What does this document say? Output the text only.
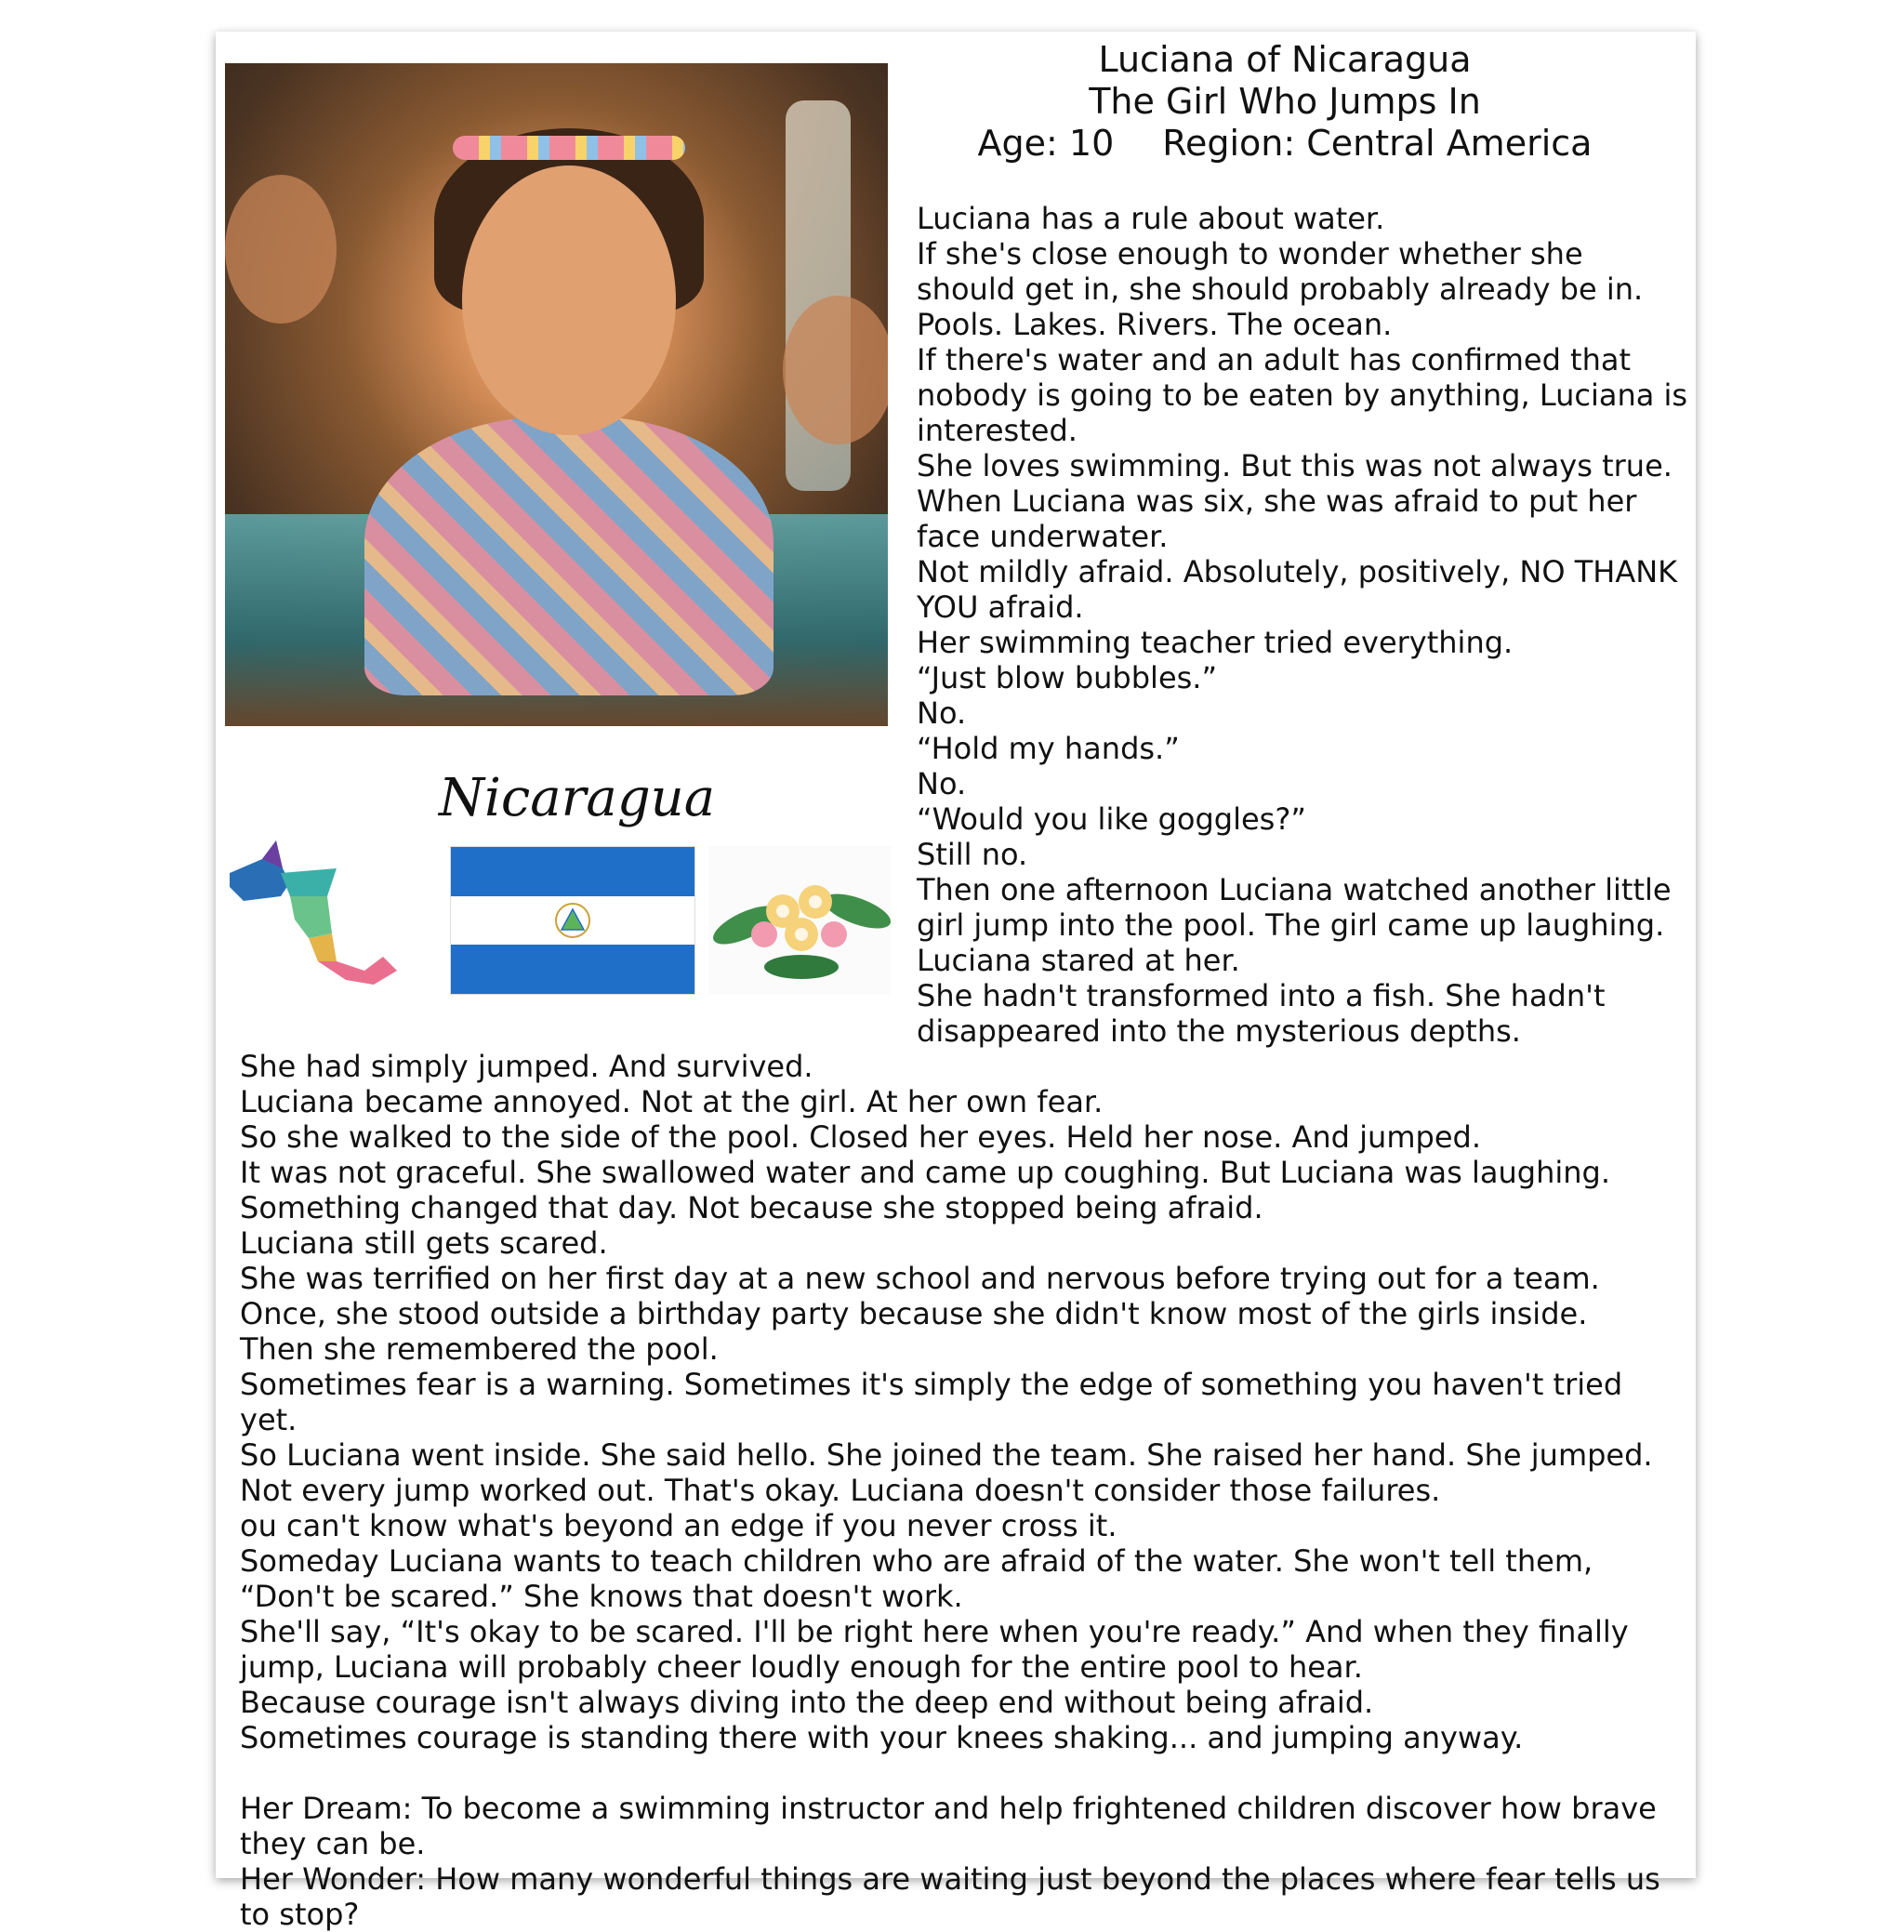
Nicaragua
Luciana of Nicaragua
The Girl Who Jumps In
Age: 10 Region: Central America
Luciana has a rule about water.
If she's close enough to wonder whether she should get in, she should probably already be in.
Pools. Lakes. Rivers. The ocean.
If there's water and an adult has confirmed that nobody is going to be eaten by anything, Luciana is interested.
She loves swimming. But this was not always true.
When Luciana was six, she was afraid to put her face underwater.
Not mildly afraid. Absolutely, positively, NO THANK YOU afraid.
Her swimming teacher tried everything.
“Just blow bubbles.”
No.
“Hold my hands.”
No.
“Would you like goggles?”
Still no.
Then one afternoon Luciana watched another little girl jump into the pool. The girl came up laughing.
Luciana stared at her.
She hadn't transformed into a fish. She hadn't disappeared into the mysterious depths.
She had simply jumped. And survived.
Luciana became annoyed. Not at the girl. At her own fear.
So she walked to the side of the pool. Closed her eyes. Held her nose. And jumped.
It was not graceful. She swallowed water and came up coughing. But Luciana was laughing.
Something changed that day. Not because she stopped being afraid.
Luciana still gets scared.
She was terrified on her first day at a new school and nervous before trying out for a team. Once, she stood outside a birthday party because she didn't know most of the girls inside.
Then she remembered the pool.
Sometimes fear is a warning. Sometimes it's simply the edge of something you haven't tried yet.
So Luciana went inside. She said hello. She joined the team. She raised her hand. She jumped.
Not every jump worked out. That's okay. Luciana doesn't consider those failures.
ou can't know what's beyond an edge if you never cross it.
Someday Luciana wants to teach children who are afraid of the water. She won't tell them, “Don't be scared.” She knows that doesn't work.
She'll say, “It's okay to be scared. I'll be right here when you're ready.” And when they finally jump, Luciana will probably cheer loudly enough for the entire pool to hear.
Because courage isn't always diving into the deep end without being afraid.
Sometimes courage is standing there with your knees shaking... and jumping anyway.
Her Dream: To become a swimming instructor and help frightened children discover how brave they can be.
Her Wonder: How many wonderful things are waiting just beyond the places where fear tells us to stop?
